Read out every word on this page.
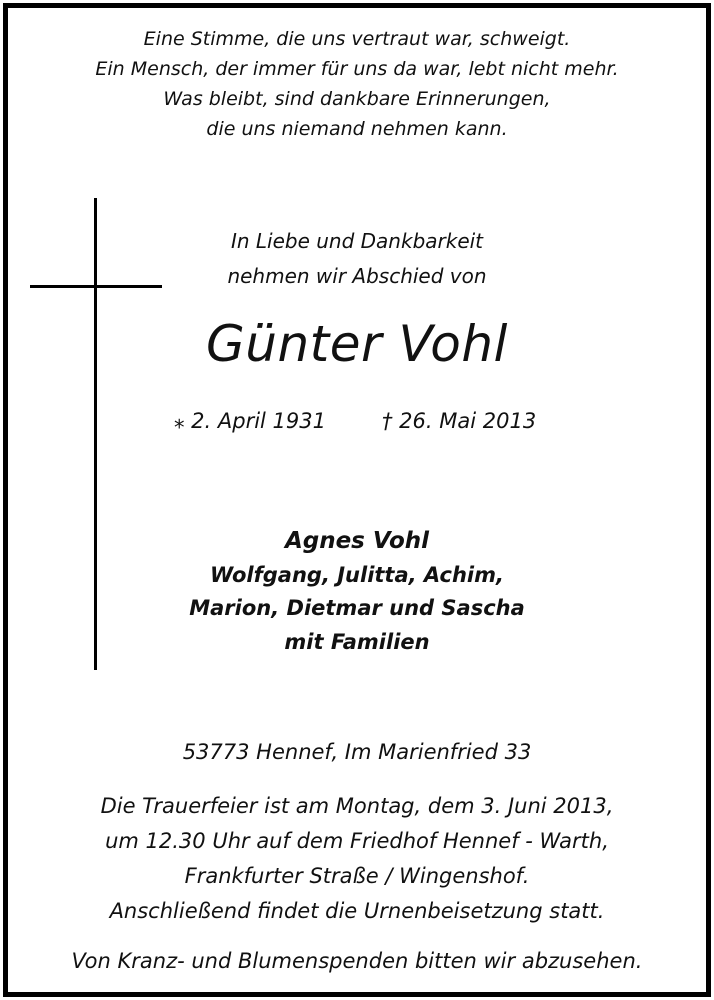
Eine Stimme, die uns vertraut war, schweigt.
Ein Mensch, der immer für uns da war, lebt nicht mehr.
Was bleibt, sind dankbare Erinnerungen,
die uns niemand nehmen kann.
In Liebe und Dankbarkeit
nehmen wir Abschied von
Günter Vohl
⁎ 2. April 1931	† 26. Mai 2013
Agnes Vohl
Wolfgang, Julitta, Achim,
Marion, Dietmar und Sascha
mit Familien
53773 Hennef, Im Marienfried 33
Die Trauerfeier ist am Montag, dem 3. Juni 2013,
um 12.30 Uhr auf dem Friedhof Hennef - Warth,
Frankfurter Straße / Wingenshof.
Anschließend findet die Urnenbeisetzung statt.
Von Kranz- und Blumenspenden bitten wir abzusehen.
